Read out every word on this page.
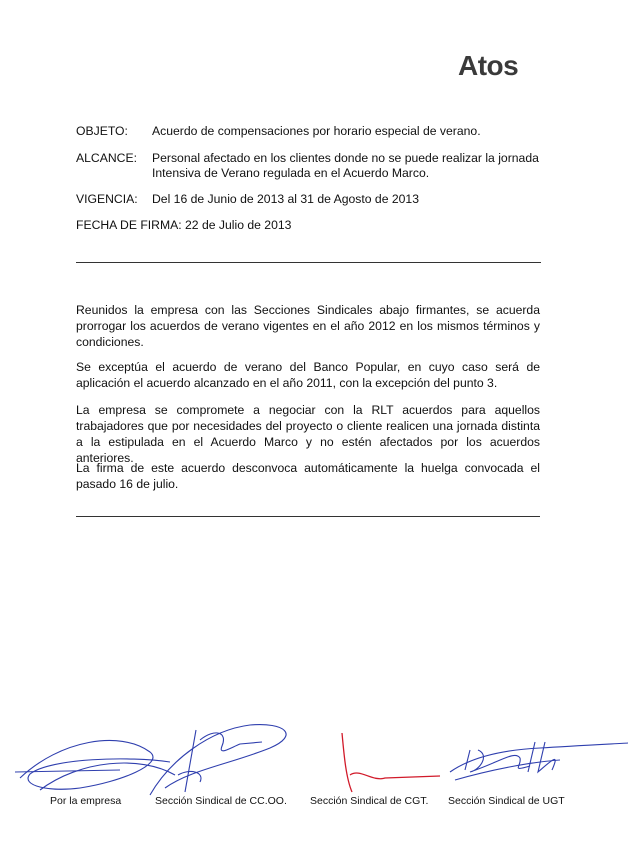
Atos
OBJETO: Acuerdo de compensaciones por horario especial de verano.
ALCANCE: Personal afectado en los clientes donde no se puede realizar la jornada
Intensiva de Verano regulada en el Acuerdo Marco.
VIGENCIA: Del 16 de Junio de 2013 al 31 de Agosto de 2013
FECHA DE FIRMA: 22 de Julio de 2013
Reunidos la empresa con las Secciones Sindicales abajo firmantes, se acuerda prorrogar los acuerdos de verano vigentes en el año 2012 en los mismos términos y condiciones.
Se exceptúa el acuerdo de verano del Banco Popular, en cuyo caso será de aplicación el acuerdo alcanzado en el año 2011, con la excepción del punto 3.
La empresa se compromete a negociar con la RLT acuerdos para aquellos trabajadores que por necesidades del proyecto o cliente realicen una jornada distinta a la estipulada en el Acuerdo Marco y no estén afectados por los acuerdos anteriores.
La firma de este acuerdo desconvoca automáticamente la huelga convocada el pasado 16 de julio.
Por la empresa	Sección Sindical de CC.OO. Sección Sindical de CGT. Sección Sindical de UGT
